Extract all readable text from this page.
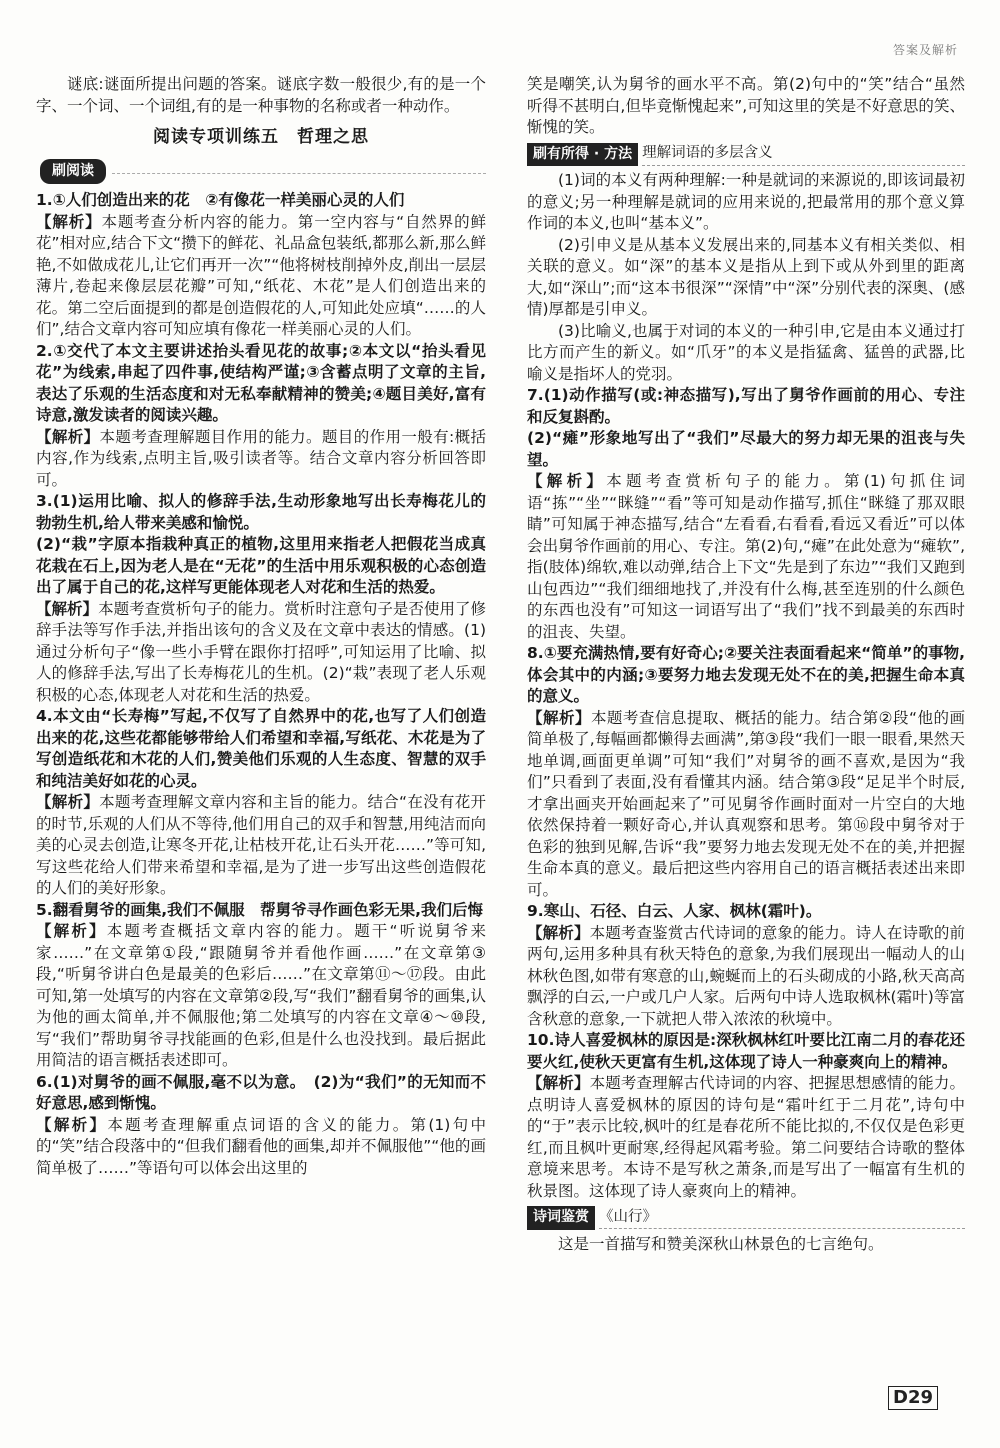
答案及解析

谜底:谜面所提出问题的答案。谜底字数一般很少,有的是一个字、一个词、一个词组,有的是一种事物的名称或者一种动作。

阅读专项训练五　哲理之思
刷阅读

1.①人们创造出来的花　②有像花一样美丽心灵的人们

【解析】本题考查分析内容的能力。第一空内容与“自然界的鲜花”相对应,结合下文“攒下的鲜花、礼品盒包装纸,都那么新,那么鲜艳,不如做成花儿,让它们再开一次”“他将树枝削掉外皮,削出一层层薄片,卷起来像层层花瓣”可知,“纸花、木花”是人们创造出来的花。第二空后面提到的都是创造假花的人,可知此处应填“……的人们”,结合文章内容可知应填有像花一样美丽心灵的人们。

2.①交代了本文主要讲述抬头看见花的故事;②本文以“抬头看见花”为线索,串起了四件事,使结构严谨;③含蓄点明了文章的主旨,表达了乐观的生活态度和对无私奉献精神的赞美;④题目美好,富有诗意,激发读者的阅读兴趣。

【解析】本题考查理解题目作用的能力。题目的作用一般有:概括内容,作为线索,点明主旨,吸引读者等。结合文章内容分析回答即可。

3.(1)运用比喻、拟人的修辞手法,生动形象地写出长寿梅花儿的勃勃生机,给人带来美感和愉悦。

(2)“栽”字原本指栽种真正的植物,这里用来指老人把假花当成真花栽在石上,因为老人是在“无花”的生活中用乐观积极的心态创造出了属于自己的花,这样写更能体现老人对花和生活的热爱。

【解析】本题考查赏析句子的能力。赏析时注意句子是否使用了修辞手法等写作手法,并指出该句的含义及在文章中表达的情感。(1)通过分析句子“像一些小手臂在跟你打招呼”,可知运用了比喻、拟人的修辞手法,写出了长寿梅花儿的生机。(2)“栽”表现了老人乐观积极的心态,体现老人对花和生活的热爱。

4.本文由“长寿梅”写起,不仅写了自然界中的花,也写了人们创造出来的花,这些花都能够带给人们希望和幸福,写纸花、木花是为了写创造纸花和木花的人们,赞美他们乐观的人生态度、智慧的双手和纯洁美好如花的心灵。

【解析】本题考查理解文章内容和主旨的能力。结合“在没有花开的时节,乐观的人们从不等待,他们用自己的双手和智慧,用纯洁而向美的心灵去创造,让寒冬开花,让枯枝开花,让石头开花……”等可知,写这些花给人们带来希望和幸福,是为了进一步写出这些创造假花的人们的美好形象。

5.翻看舅爷的画集,我们不佩服　帮舅爷寻作画色彩无果,我们后悔

【解析】本题考查概括文章内容的能力。题干“听说舅爷来家……”在文章第①段,“跟随舅爷并看他作画……”在文章第③段,“听舅爷讲白色是最美的色彩后……”在文章第⑪～⑰段。由此可知,第一处填写的内容在文章第②段,写“我们”翻看舅爷的画集,认为他的画太简单,并不佩服他;第二处填写的内容在文章④～⑩段,写“我们”帮助舅爷寻找能画的色彩,但是什么也没找到。最后据此用简洁的语言概括表述即可。

6.(1)对舅爷的画不佩服,毫不以为意。　(2)为“我们”的无知而不好意思,感到惭愧。

【解析】本题考查理解重点词语的含义的能力。第(1)句中的“笑”结合段落中的“但我们翻看他的画集,却并不佩服他”“他的画简单极了……”等语句可以体会出这里的

笑是嘲笑,认为舅爷的画水平不高。第(2)句中的“笑”结合“虽然听得不甚明白,但毕竟惭愧起来”,可知这里的笑是不好意思的笑、惭愧的笑。

刷有所得 · 方法 理解词语的多层含义

(1)词的本义有两种理解:一种是就词的来源说的,即该词最初的意义;另一种理解是就词的应用来说的,把最常用的那个意义算作词的本义,也叫“基本义”。

(2)引申义是从基本义发展出来的,同基本义有相关类似、相关联的意义。如“深”的基本义是指从上到下或从外到里的距离大,如“深山”;而“这本书很深”“深情”中“深”分别代表的深奥、(感情)厚都是引申义。

(3)比喻义,也属于对词的本义的一种引申,它是由本义通过打比方而产生的新义。如“爪牙”的本义是指猛禽、猛兽的武器,比喻义是指坏人的党羽。

7.(1)动作描写(或:神态描写),写出了舅爷作画前的用心、专注和反复斟酌。

(2)“瘫”形象地写出了“我们”尽最大的努力却无果的沮丧与失望。

【解析】本题考查赏析句子的能力。第(1)句抓住词语“拣”“坐”“眯缝”“看”等可知是动作描写,抓住“眯缝了那双眼睛”可知属于神态描写,结合“左看看,右看看,看远又看近”可以体会出舅爷作画前的用心、专注。第(2)句,“瘫”在此处意为“瘫软”,指(肢体)绵软,难以动弹,结合上下文“先是到了东边”“我们又跑到山包西边”“我们细细地找了,并没有什么梅,甚至连别的什么颜色的东西也没有”可知这一词语写出了“我们”找不到最美的东西时的沮丧、失望。

8.①要充满热情,要有好奇心;②要关注表面看起来“简单”的事物,体会其中的内涵;③要努力地去发现无处不在的美,把握生命本真的意义。

【解析】本题考查信息提取、概括的能力。结合第②段“他的画简单极了,每幅画都懒得去画满”,第③段“我们一眼一眼看,果然天地单调,画面更单调”可知“我们”对舅爷的画不喜欢,是因为“我们”只看到了表面,没有看懂其内涵。结合第③段“足足半个时辰,才拿出画夹开始画起来了”可见舅爷作画时面对一片空白的大地依然保持着一颗好奇心,并认真观察和思考。第⑯段中舅爷对于色彩的独到见解,告诉“我”要努力地去发现无处不在的美,并把握生命本真的意义。最后把这些内容用自己的语言概括表述出来即可。

9.寒山、石径、白云、人家、枫林(霜叶)。

【解析】本题考查鉴赏古代诗词的意象的能力。诗人在诗歌的前两句,运用多种具有秋天特色的意象,为我们展现出一幅动人的山林秋色图,如带有寒意的山,蜿蜒而上的石头砌成的小路,秋天高高飘浮的白云,一户或几户人家。后两句中诗人选取枫林(霜叶)等富含秋意的意象,一下就把人带入浓浓的秋境中。

10.诗人喜爱枫林的原因是:深秋枫林红叶要比江南二月的春花还要火红,使秋天更富有生机,这体现了诗人一种豪爽向上的精神。

【解析】本题考查理解古代诗词的内容、把握思想感情的能力。点明诗人喜爱枫林的原因的诗句是“霜叶红于二月花”,诗句中的“于”表示比较,枫叶的红是春花所不能比拟的,不仅仅是色彩更红,而且枫叶更耐寒,经得起风霜考验。第二问要结合诗歌的整体意境来思考。本诗不是写秋之萧条,而是写出了一幅富有生机的秋景图。这体现了诗人豪爽向上的精神。

诗词鉴赏 《山行》

这是一首描写和赞美深秋山林景色的七言绝句。

D29
